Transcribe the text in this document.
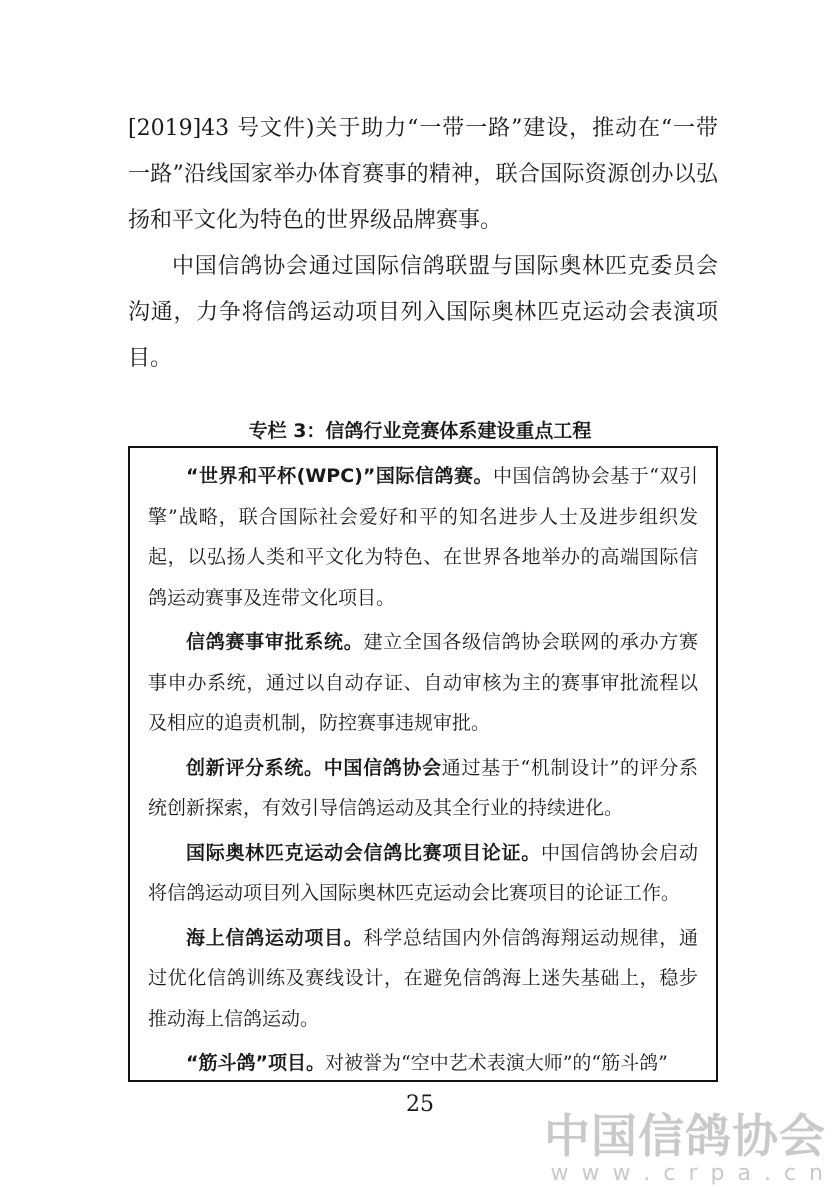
[2019]43 号文件)关于助力“一带一路”建设，推动在“一带一路”沿线国家举办体育赛事的精神，联合国际资源创办以弘扬和平文化为特色的世界级品牌赛事。

中国信鸽协会通过国际信鸽联盟与国际奥林匹克委员会沟通，力争将信鸽运动项目列入国际奥林匹克运动会表演项目。

专栏 3：信鸽行业竞赛体系建设重点工程

“世界和平杯(WPC)”国际信鸽赛。中国信鸽协会基于“双引擎”战略，联合国际社会爱好和平的知名进步人士及进步组织发起，以弘扬人类和平文化为特色、在世界各地举办的高端国际信鸽运动赛事及连带文化项目。

信鸽赛事审批系统。建立全国各级信鸽协会联网的承办方赛事申办系统，通过以自动存证、自动审核为主的赛事审批流程以及相应的追责机制，防控赛事违规审批。

创新评分系统。中国信鸽协会通过基于“机制设计”的评分系统创新探索，有效引导信鸽运动及其全行业的持续进化。

国际奥林匹克运动会信鸽比赛项目论证。中国信鸽协会启动将信鸽运动项目列入国际奥林匹克运动会比赛项目的论证工作。

海上信鸽运动项目。科学总结国内外信鸽海翔运动规律，通过优化信鸽训练及赛线设计，在避免信鸽海上迷失基础上，稳步推动海上信鸽运动。

“筋斗鸽”项目。对被誉为“空中艺术表演大师”的“筋斗鸽”

25
中国信鸽协会
w w w . c r p a . c n
